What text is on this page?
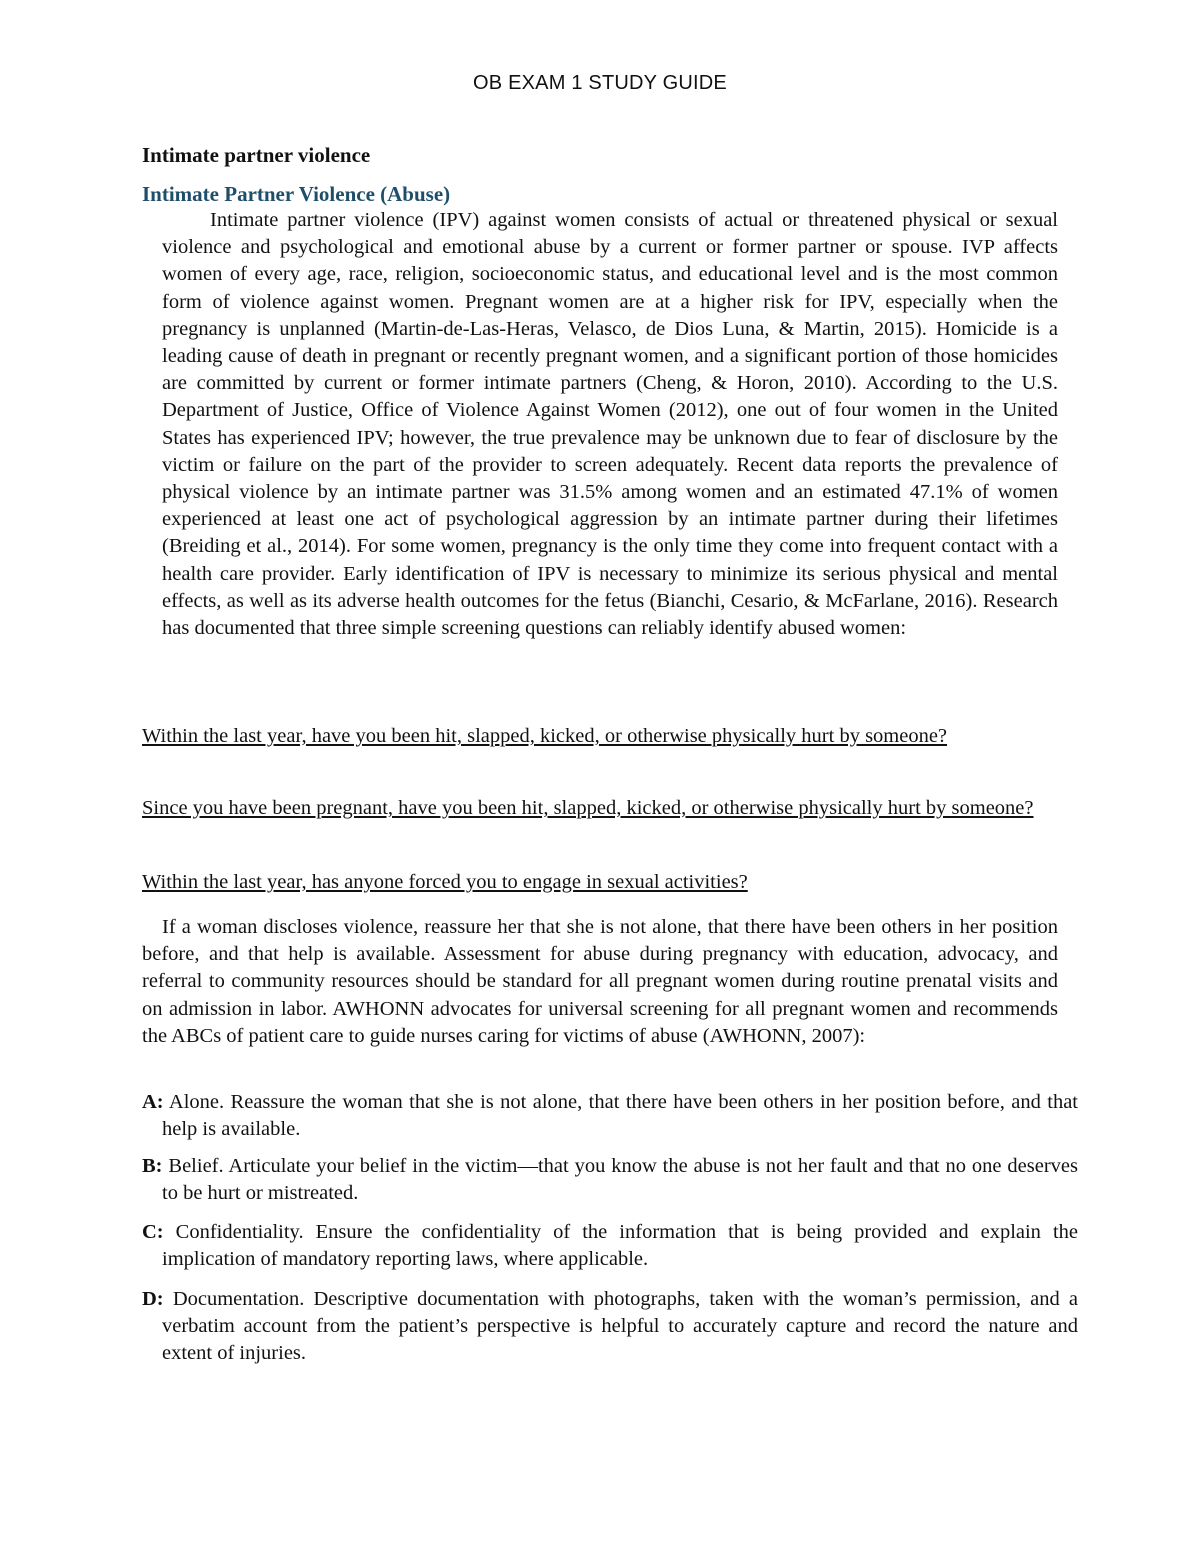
OB EXAM 1 STUDY GUIDE
Intimate partner violence
Intimate Partner Violence (Abuse)

Intimate partner violence (IPV) against women consists of actual or threatened physical or sexual violence and psychological and emotional abuse by a current or former partner or spouse. IVP affects women of every age, race, religion, socioeconomic status, and educational level and is the most common form of violence against women. Pregnant women are at a higher risk for IPV, especially when the pregnancy is unplanned (Martin-de-Las-Heras, Velasco, de Dios Luna, & Martin, 2015). Homicide is a leading cause of death in pregnant or recently pregnant women, and a significant portion of those homicides are committed by current or former intimate partners (Cheng, & Horon, 2010). According to the U.S. Department of Justice, Office of Violence Against Women (2012), one out of four women in the United States has experienced IPV; however, the true prevalence may be unknown due to fear of disclosure by the victim or failure on the part of the provider to screen adequately. Recent data reports the prevalence of physical violence by an intimate partner was 31.5% among women and an estimated 47.1% of women experienced at least one act of psychological aggression by an intimate partner during their lifetimes (Breiding et al., 2014). For some women, pregnancy is the only time they come into frequent contact with a health care provider. Early identification of IPV is necessary to minimize its serious physical and mental effects, as well as its adverse health outcomes for the fetus (Bianchi, Cesario, & McFarlane, 2016). Research has documented that three simple screening questions can reliably identify abused women:

Within the last year, have you been hit, slapped, kicked, or otherwise physically hurt by someone?

Since you have been pregnant, have you been hit, slapped, kicked, or otherwise physically hurt by someone?

Within the last year, has anyone forced you to engage in sexual activities?

If a woman discloses violence, reassure her that she is not alone, that there have been others in her position before, and that help is available. Assessment for abuse during pregnancy with education, advocacy, and referral to community resources should be standard for all pregnant women during routine prenatal visits and on admission in labor. AWHONN advocates for universal screening for all pregnant women and recommends the ABCs of patient care to guide nurses caring for victims of abuse (AWHONN, 2007):

A: Alone. Reassure the woman that she is not alone, that there have been others in her position before, and that help is available.

B: Belief. Articulate your belief in the victim—that you know the abuse is not her fault and that no one deserves to be hurt or mistreated.

C: Confidentiality. Ensure the confidentiality of the information that is being provided and explain the implication of mandatory reporting laws, where applicable.

D: Documentation. Descriptive documentation with photographs, taken with the woman’s permission, and a verbatim account from the patient’s perspective is helpful to accurately capture and record the nature and extent of injuries.
